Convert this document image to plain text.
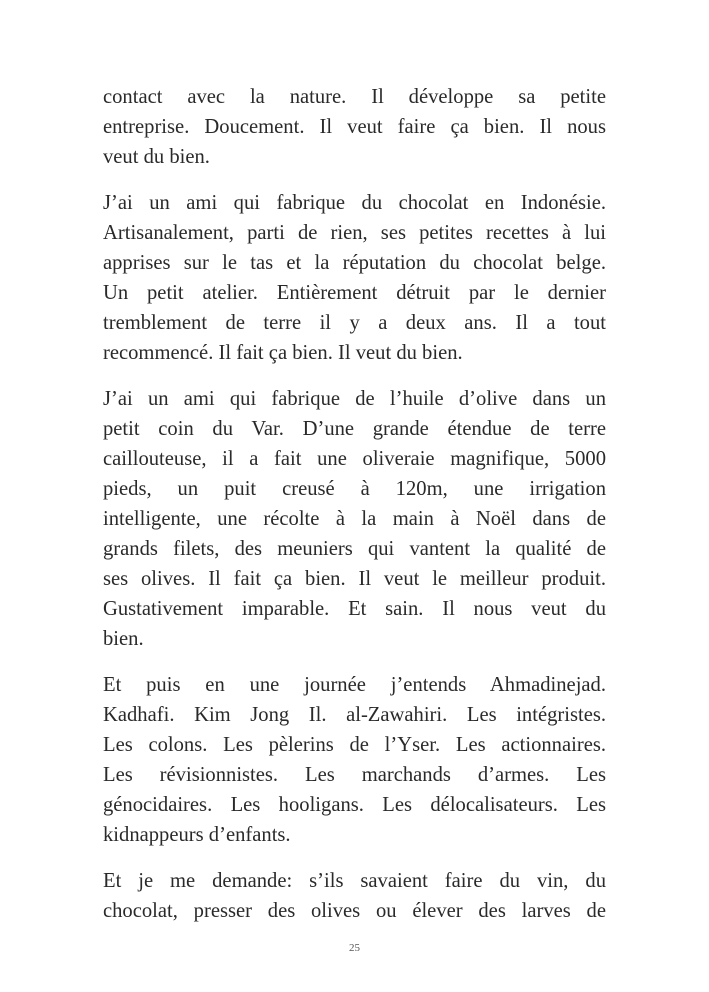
contact avec la nature. Il développe sa petite
entreprise. Doucement. Il veut faire ça bien. Il nous
veut du bien.
J’ai un ami qui fabrique du chocolat en Indonésie.
Artisanalement, parti de rien, ses petites recettes à lui
apprises sur le tas et la réputation du chocolat belge.
Un petit atelier. Entièrement détruit par le dernier
tremblement de terre il y a deux ans. Il a tout
recommencé. Il fait ça bien. Il veut du bien.
J’ai un ami qui fabrique de l’huile d’olive dans un
petit coin du Var. D’une grande étendue de terre
caillouteuse, il a fait une oliveraie magnifique, 5000
pieds, un puit creusé à 120m, une irrigation
intelligente, une récolte à la main à Noël dans de
grands filets, des meuniers qui vantent la qualité de
ses olives. Il fait ça bien. Il veut le meilleur produit.
Gustativement imparable. Et sain. Il nous veut du
bien.
Et puis en une journée j’entends Ahmadinejad.
Kadhafi. Kim Jong Il. al-Zawahiri. Les intégristes.
Les colons. Les pèlerins de l’Yser. Les actionnaires.
Les révisionnistes. Les marchands d’armes. Les
génocidaires. Les hooligans. Les délocalisateurs. Les
kidnappeurs d’enfants.
Et je me demande: s’ils savaient faire du vin, du
chocolat, presser des olives ou élever des larves de
25
